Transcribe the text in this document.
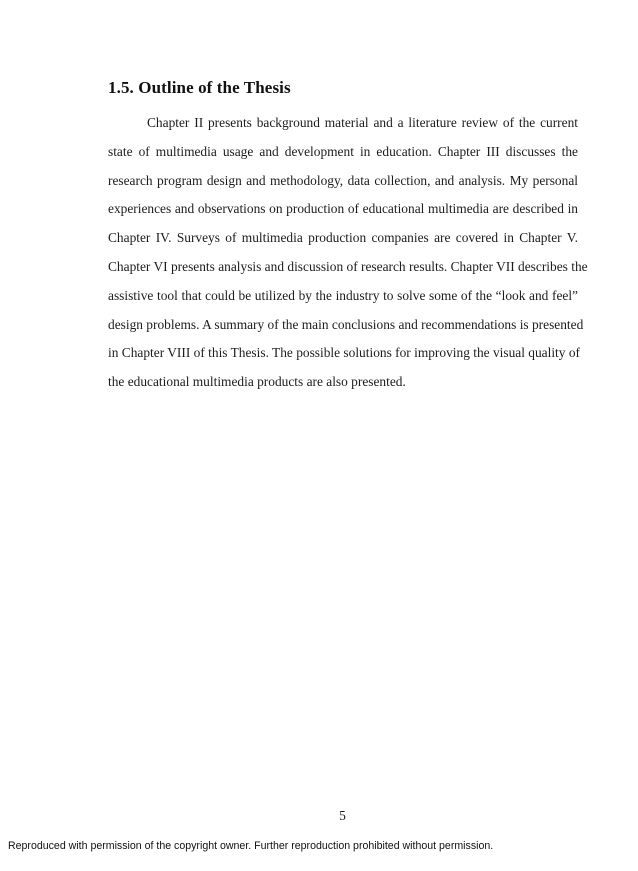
1.5. Outline of the Thesis
Chapter II presents background material and a literature review of the current
state of multimedia usage and development in education. Chapter III discusses the
research program design and methodology, data collection, and analysis. My personal
experiences and observations on production of educational multimedia are described in
Chapter IV. Surveys of multimedia production companies are covered in Chapter V.
Chapter VI presents analysis and discussion of research results. Chapter VII describes the
assistive tool that could be utilized by the industry to solve some of the “look and feel”
design problems. A summary of the main conclusions and recommendations is presented
in Chapter VIII of this Thesis. The possible solutions for improving the visual quality of
the educational multimedia products are also presented.
5
Reproduced with permission of the copyright owner. Further reproduction prohibited without permission.
